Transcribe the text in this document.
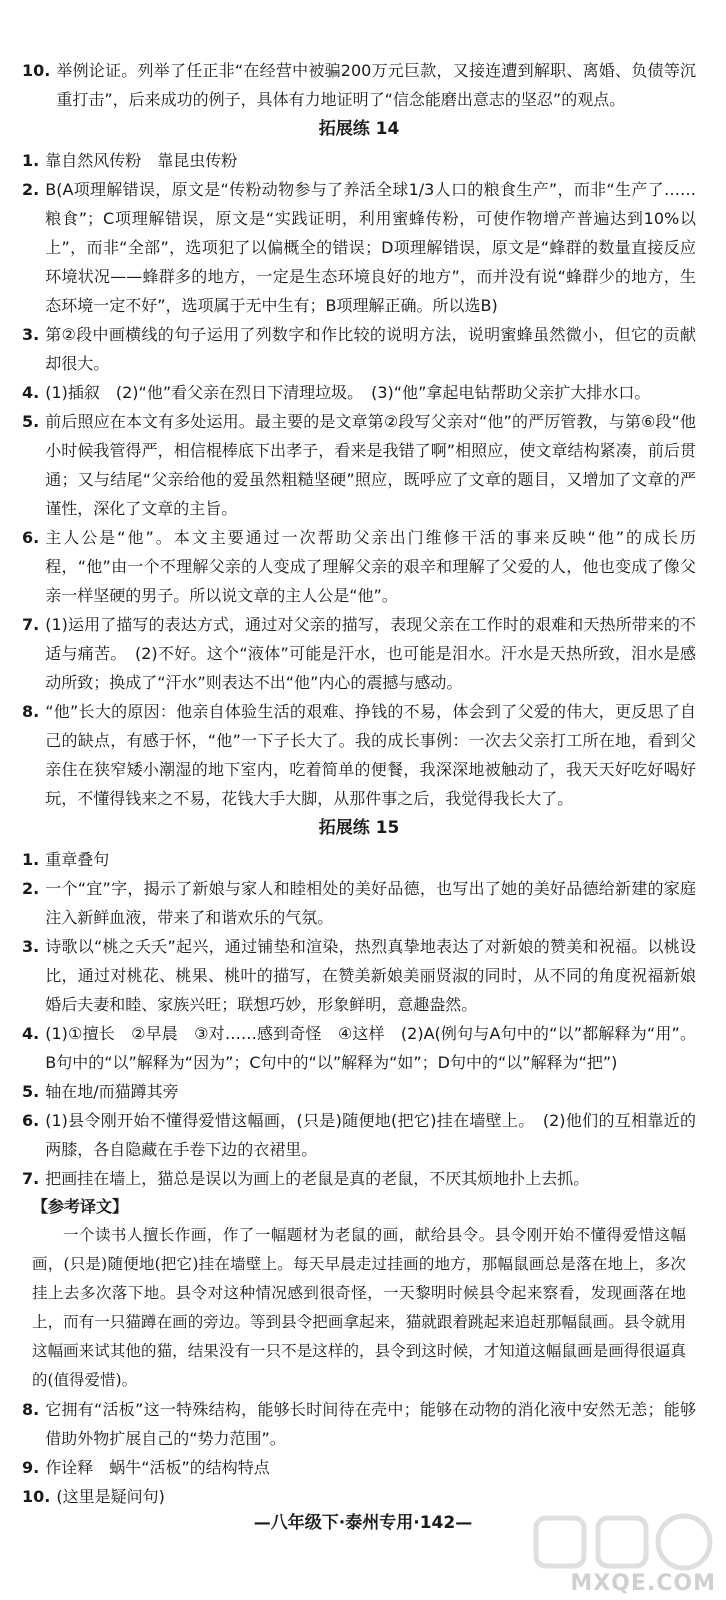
10. 举例论证。列举了任正非“在经营中被骗200万元巨款，又接连遭到解职、离婚、负债等沉重打击”，后来成功的例子，具体有力地证明了“信念能磨出意志的坚忍”的观点。
拓展练 14
1. 靠自然风传粉　靠昆虫传粉
2. B(A项理解错误，原文是“传粉动物参与了养活全球1/3人口的粮食生产”，而非“生产了……粮食”；C项理解错误，原文是“实践证明，利用蜜蜂传粉，可使作物增产普遍达到10%以上”，而非“全部”，选项犯了以偏概全的错误；D项理解错误，原文是“蜂群的数量直接反应环境状况——蜂群多的地方，一定是生态环境良好的地方”，而并没有说“蜂群少的地方，生态环境一定不好”，选项属于无中生有；B项理解正确。所以选B)
3. 第②段中画横线的句子运用了列数字和作比较的说明方法，说明蜜蜂虽然微小，但它的贡献却很大。
4. (1)插叙　(2)“他”看父亲在烈日下清理垃圾。　(3)“他”拿起电钻帮助父亲扩大排水口。
5. 前后照应在本文有多处运用。最主要的是文章第②段写父亲对“他”的严厉管教，与第⑥段“他小时候我管得严，相信棍棒底下出孝子，看来是我错了啊”相照应，使文章结构紧凑，前后贯通；又与结尾“父亲给他的爱虽然粗糙坚硬”照应，既呼应了文章的题目，又增加了文章的严谨性，深化了文章的主旨。
6. 主人公是“他”。本文主要通过一次帮助父亲出门维修干活的事来反映“他”的成长历程，“他”由一个不理解父亲的人变成了理解父亲的艰辛和理解了父爱的人，他也变成了像父亲一样坚硬的男子。所以说文章的主人公是“他”。
7. (1)运用了描写的表达方式，通过对父亲的描写，表现父亲在工作时的艰难和天热所带来的不适与痛苦。　(2)不好。这个“液体”可能是汗水，也可能是泪水。汗水是天热所致，泪水是感动所致；换成了“汗水”则表达不出“他”内心的震撼与感动。
8. “他”长大的原因：他亲自体验生活的艰难、挣钱的不易，体会到了父爱的伟大，更反思了自己的缺点，有感于怀，“他”一下子长大了。我的成长事例：一次去父亲打工所在地，看到父亲住在狭窄矮小潮湿的地下室内，吃着简单的便餐，我深深地被触动了，我天天好吃好喝好玩，不懂得钱来之不易，花钱大手大脚，从那件事之后，我觉得我长大了。
拓展练 15
1. 重章叠句
2. 一个“宜”字，揭示了新娘与家人和睦相处的美好品德，也写出了她的美好品德给新建的家庭注入新鲜血液，带来了和谐欢乐的气氛。
3. 诗歌以“桃之夭夭”起兴，通过铺垫和渲染，热烈真挚地表达了对新娘的赞美和祝福。以桃设比，通过对桃花、桃果、桃叶的描写，在赞美新娘美丽贤淑的同时，从不同的角度祝福新娘婚后夫妻和睦、家族兴旺；联想巧妙，形象鲜明，意趣盎然。
4. (1)①擅长　②早晨　③对……感到奇怪　④这样　(2)A(例句与A句中的“以”都解释为“用”。B句中的“以”解释为“因为”；C句中的“以”解释为“如”；D句中的“以”解释为“把”)
5. 轴在地/而猫蹲其旁
6. (1)县令刚开始不懂得爱惜这幅画，(只是)随便地(把它)挂在墙壁上。　(2)他们的互相靠近的两膝，各自隐藏在手卷下边的衣裙里。
7. 把画挂在墙上，猫总是误以为画上的老鼠是真的老鼠，不厌其烦地扑上去抓。
【参考译文】
一个读书人擅长作画，作了一幅题材为老鼠的画，献给县令。县令刚开始不懂得爱惜这幅画，(只是)随便地(把它)挂在墙壁上。每天早晨走过挂画的地方，那幅鼠画总是落在地上，多次挂上去多次落下地。县令对这种情况感到很奇怪，一天黎明时候县令起来察看，发现画落在地上，而有一只猫蹲在画的旁边。等到县令把画拿起来，猫就跟着跳起来追赶那幅鼠画。县令就用这幅画来试其他的猫，结果没有一只不是这样的，县令到这时候，才知道这幅鼠画是画得很逼真的(值得爱惜)。
8. 它拥有“活板”这一特殊结构，能够长时间待在壳中；能够在动物的消化液中安然无恙；能够借助外物扩展自己的“势力范围”。
9. 作诠释　蜗牛“活板”的结构特点
10. (这里是疑问句)
—八年级下·泰州专用·142—
MXQE.COM
